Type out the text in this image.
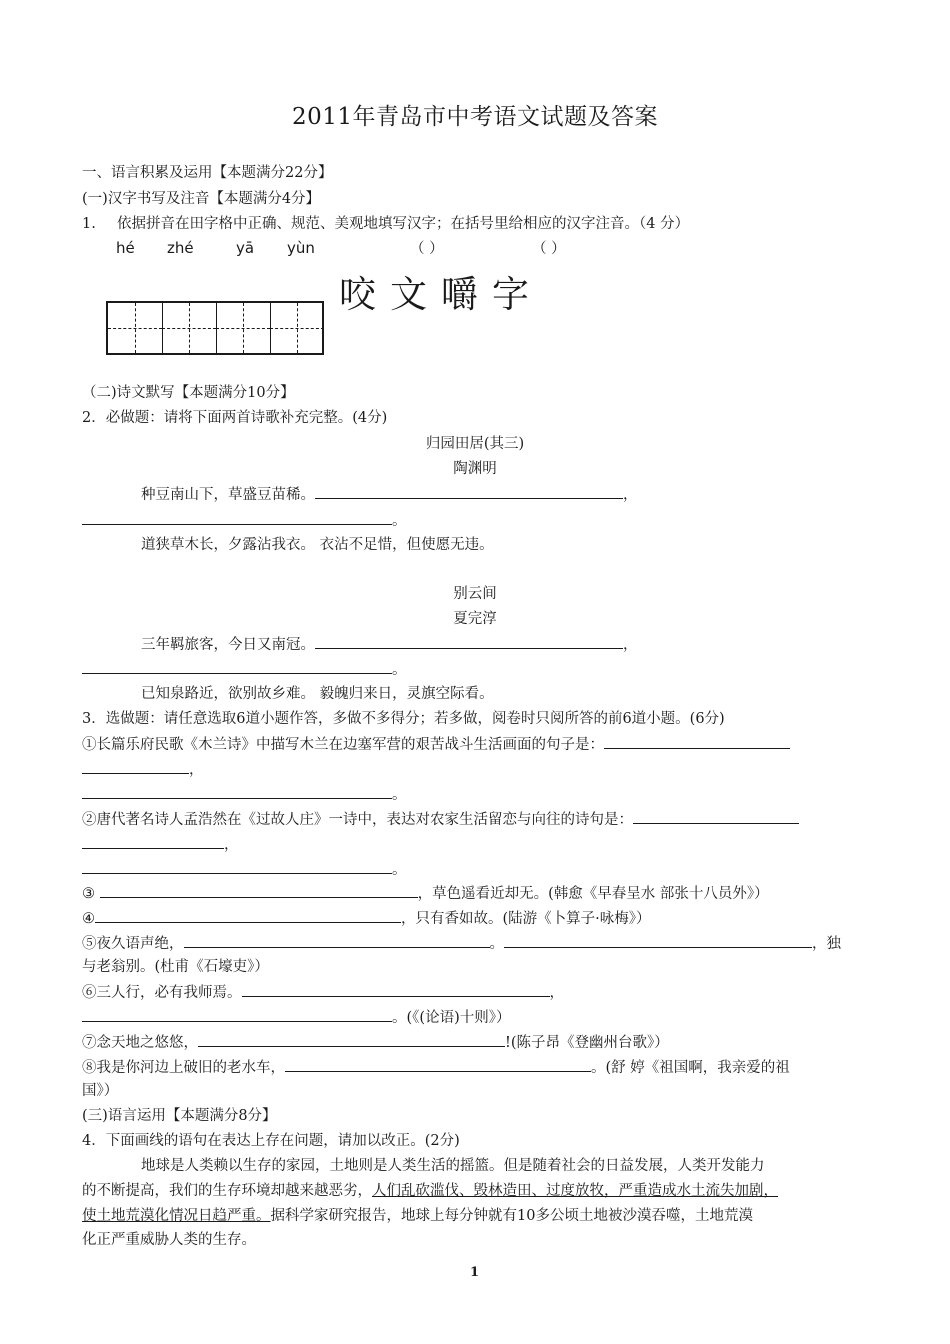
2011年青岛市中考语文试题及答案
一、语言积累及运用【本题满分22分】
(一)汉字书写及注音【本题满分4分】
1. 依据拼音在田字格中正确、规范、美观地填写汉字；在括号里给相应的汉字注音。（4 分）
hé zhé	yā yùn	（ ）	（ ）
咬文嚼字
（二)诗文默写【本题满分10分】
2．必做题：请将下面两首诗歌补充完整。(4分)
归园田居(其三)
陶渊明
种豆南山下，草盛豆苗稀。	，
。
道狭草木长，夕露沾我衣。 衣沾不足惜，但使愿无违。
别云间
夏完淳
三年羁旅客，今日又南冠。	，
。
已知泉路近，欲别故乡难。 毅魄归来日，灵旗空际看。
3．选做题：请任意选取6道小题作答，多做不多得分；若多做，阅卷时只阅所答的前6道小题。(6分)
①长篇乐府民歌《木兰诗》中描写木兰在边塞军营的艰苦战斗生活画面的句子是：
，
。
②唐代著名诗人孟浩然在《过故人庄》一诗中，表达对农家生活留恋与向往的诗句是：
，
。
③	，草色遥看近却无。(韩愈《早春呈水 部张十八员外》）
④	，只有香如故。(陆游《卜算子·咏梅》）
⑤夜久语声绝，	。	，独
与老翁别。(杜甫《石壕吏》）
⑥三人行，必有我师焉。	，
。(《(论语)十则》）
⑦念天地之悠悠，	!(陈子昂《登幽州台歌》）
⑧我是你河边上破旧的老水车，	。(舒 婷《祖国啊，我亲爱的祖
国》）
(三)语言运用【本题满分8分】
4．下面画线的语句在表达上存在问题，请加以改正。(2分)
地球是人类赖以生存的家园，土地则是人类生活的摇篮。但是随着社会的日益发展，人类开发能力
的不断提高，我们的生存环境却越来越恶劣，人们乱砍滥伐、毁林造田、过度放牧，严重造成水土流失加剧，
使土地荒漠化情况日趋严重。据科学家研究报告，地球上每分钟就有10多公顷土地被沙漠吞噬，土地荒漠
化正严重威胁人类的生存。
1
